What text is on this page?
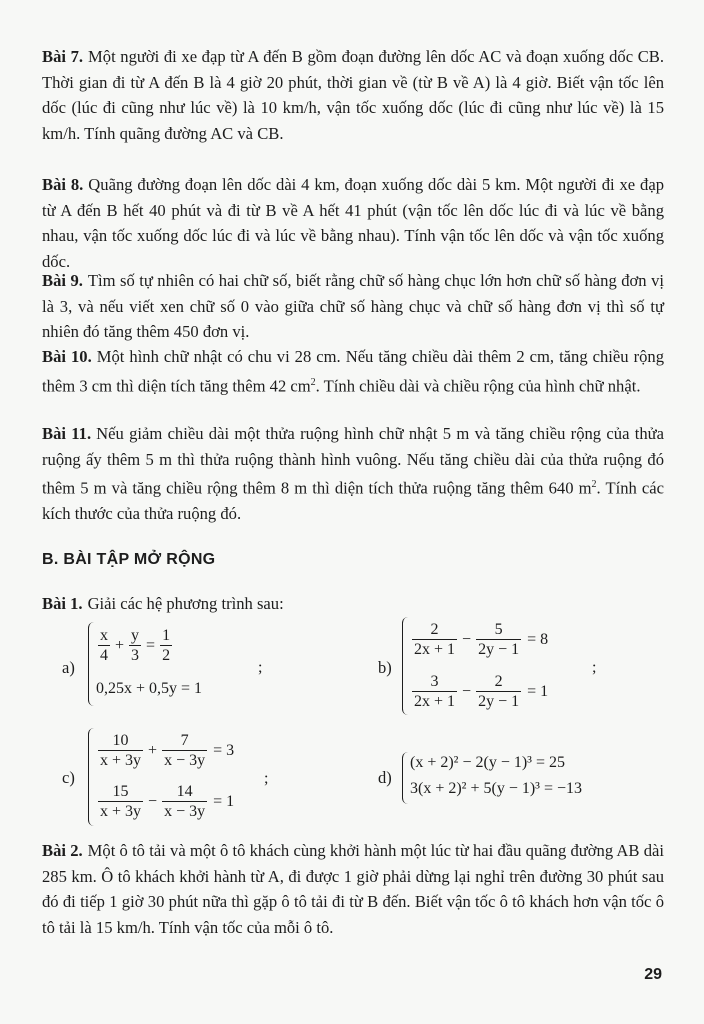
Bài 7. Một người đi xe đạp từ A đến B gồm đoạn đường lên dốc AC và đoạn xuống dốc CB. Thời gian đi từ A đến B là 4 giờ 20 phút, thời gian về (từ B về A) là 4 giờ. Biết vận tốc lên dốc (lúc đi cũng như lúc về) là 10 km/h, vận tốc xuống dốc (lúc đi cũng như lúc về) là 15 km/h. Tính quãng đường AC và CB.
Bài 8. Quãng đường đoạn lên dốc dài 4 km, đoạn xuống dốc dài 5 km. Một người đi xe đạp từ A đến B hết 40 phút và đi từ B về A hết 41 phút (vận tốc lên dốc lúc đi và lúc về bằng nhau, vận tốc xuống dốc lúc đi và lúc về bằng nhau). Tính vận tốc lên dốc và vận tốc xuống dốc.
Bài 9. Tìm số tự nhiên có hai chữ số, biết rằng chữ số hàng chục lớn hơn chữ số hàng đơn vị là 3, và nếu viết xen chữ số 0 vào giữa chữ số hàng chục và chữ số hàng đơn vị thì số tự nhiên đó tăng thêm 450 đơn vị.
Bài 10. Một hình chữ nhật có chu vi 28 cm. Nếu tăng chiều dài thêm 2 cm, tăng chiều rộng thêm 3 cm thì diện tích tăng thêm 42 $cm^2$. Tính chiều dài và chiều rộng của hình chữ nhật.
Bài 11. Nếu giảm chiều dài một thửa ruộng hình chữ nhật 5 m và tăng chiều rộng của thửa ruộng ấy thêm 5 m thì thửa ruộng thành hình vuông. Nếu tăng chiều dài của thửa ruộng đó thêm 5 m và tăng chiều rộng thêm 8 m thì diện tích thửa ruộng tăng thêm 640 $m^2$. Tính các kích thước của thửa ruộng đó.
B. BÀI TẬP MỞ RỘNG
Bài 1. Giải các hệ phương trình sau:
a)
$\frac{x}{4} + \frac{y}{3} = \frac{1}{2}$
;
0,25x + 0,5y = 1
b)
$\frac{2}{2x + 1} - \frac{5}{2y - 1} = 8$
;
$\frac{3}{2x + 1} - \frac{2}{2y - 1} = 1$
c)
$\frac{10}{x + 3y} + \frac{7}{x - 3y} = 3$
;
$\frac{15}{x + 3y} - \frac{14}{x - 3y} = 1$
d)
(x + 2)² − 2(y − 1)³ = 25
3(x + 2)² + 5(y − 1)³ = −13
Bài 2. Một ô tô tải và một ô tô khách cùng khởi hành một lúc từ hai đầu quãng đường AB dài 285 km. Ô tô khách khởi hành từ A, đi được 1 giờ phải dừng lại nghỉ trên đường 30 phút sau đó đi tiếp 1 giờ 30 phút nữa thì gặp ô tô tải đi từ B đến. Biết vận tốc ô tô khách hơn vận tốc ô tô tải là 15 km/h. Tính vận tốc của mỗi ô tô.
29
